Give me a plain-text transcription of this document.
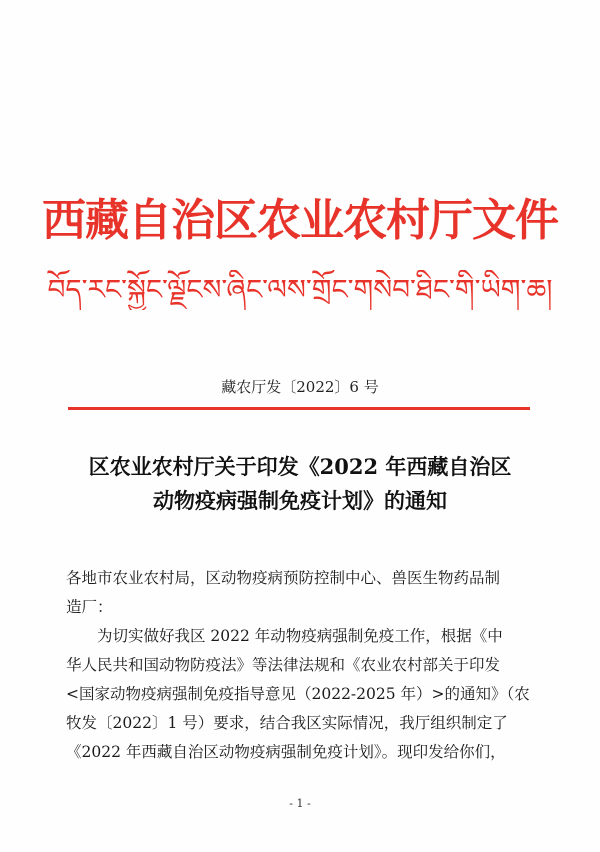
西藏自治区农业农村厅文件
བོད་རང་སྐྱོང་ལྗོངས་ཞིང་ལས་གྲོང་གསེབ་ཐིང་གི་ཡིག་ཆ།
藏农厅发〔2022〕6 号
区农业农村厅关于印发《2022 年西藏自治区
动物疫病强制免疫计划》的通知
各地市农业农村局，区动物疫病预防控制中心、兽医生物药品制
造厂：
为切实做好我区 2022 年动物疫病强制免疫工作，根据《中
华人民共和国动物防疫法》等法律法规和《农业农村部关于印发
<国家动物疫病强制免疫指导意见（2022-2025 年）>的通知》（农
牧发〔2022〕1 号）要求，结合我区实际情况，我厅组织制定了
《2022 年西藏自治区动物疫病强制免疫计划》。现印发给你们，
- 1 -
